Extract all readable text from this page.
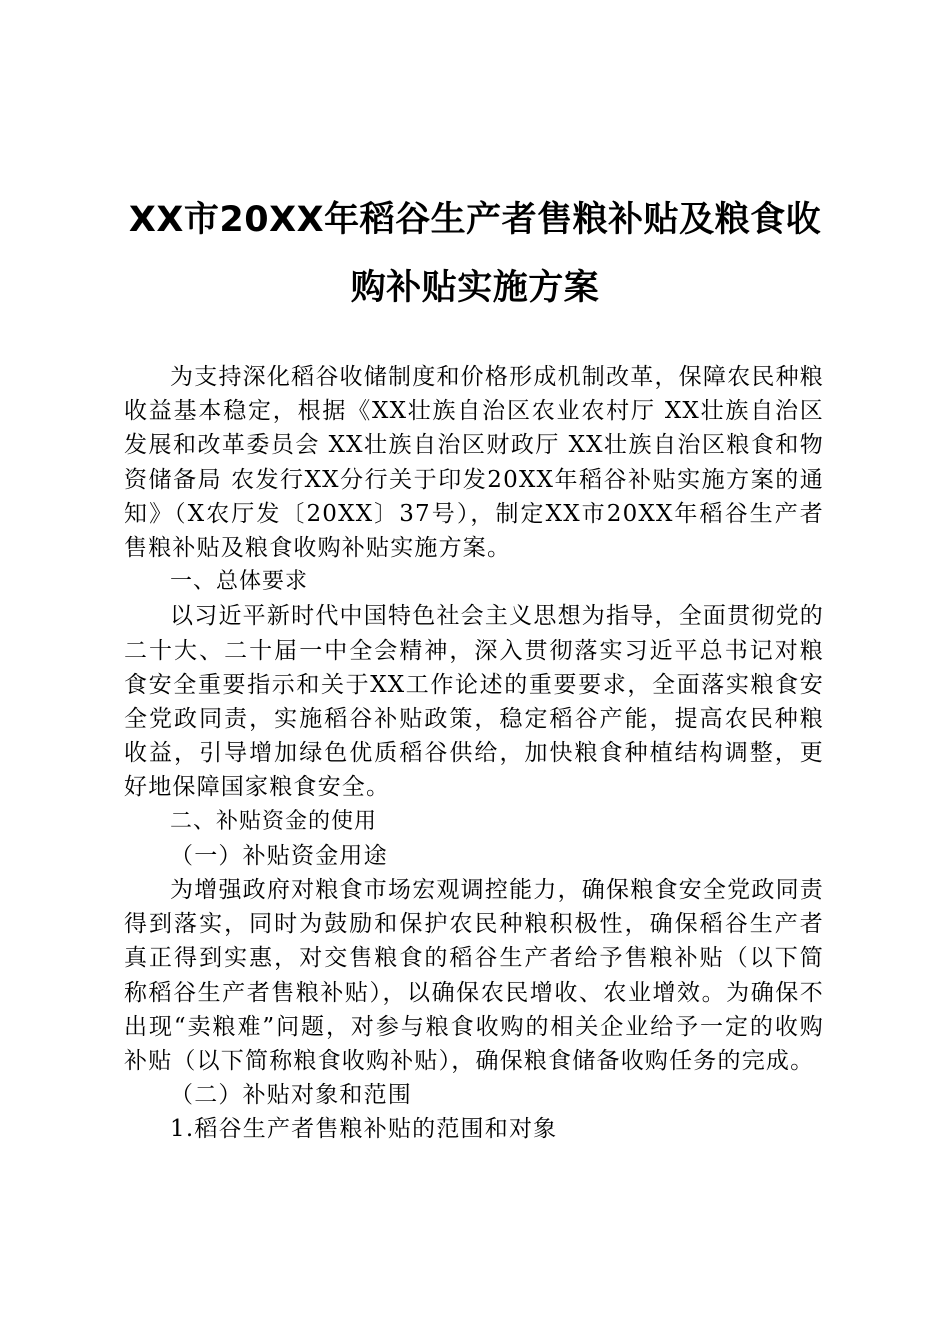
XX市20XX年稻谷生产者售粮补贴及粮食收
购补贴实施方案

为支持深化稻谷收储制度和价格形成机制改革，保障农民种粮收益基本稳定，根据《XX壮族自治区农业农村厅 XX壮族自治区发展和改革委员会 XX壮族自治区财政厅 XX壮族自治区粮食和物资储备局 农发行XX分行关于印发20XX年稻谷补贴实施方案的通知》（X农厅发〔20XX〕37号），制定XX市20XX年稻谷生产者售粮补贴及粮食收购补贴实施方案。

一、总体要求

以习近平新时代中国特色社会主义思想为指导，全面贯彻党的二十大、二十届一中全会精神，深入贯彻落实习近平总书记对粮食安全重要指示和关于XX工作论述的重要要求，全面落实粮食安全党政同责，实施稻谷补贴政策，稳定稻谷产能，提高农民种粮收益，引导增加绿色优质稻谷供给，加快粮食种植结构调整，更好地保障国家粮食安全。

二、补贴资金的使用

（一）补贴资金用途

为增强政府对粮食市场宏观调控能力，确保粮食安全党政同责得到落实，同时为鼓励和保护农民种粮积极性，确保稻谷生产者真正得到实惠，对交售粮食的稻谷生产者给予售粮补贴（以下简称稻谷生产者售粮补贴），以确保农民增收、农业增效。为确保不出现“卖粮难”问题，对参与粮食收购的相关企业给予一定的收购补贴（以下简称粮食收购补贴），确保粮食储备收购任务的完成。

（二）补贴对象和范围

1.稻谷生产者售粮补贴的范围和对象
